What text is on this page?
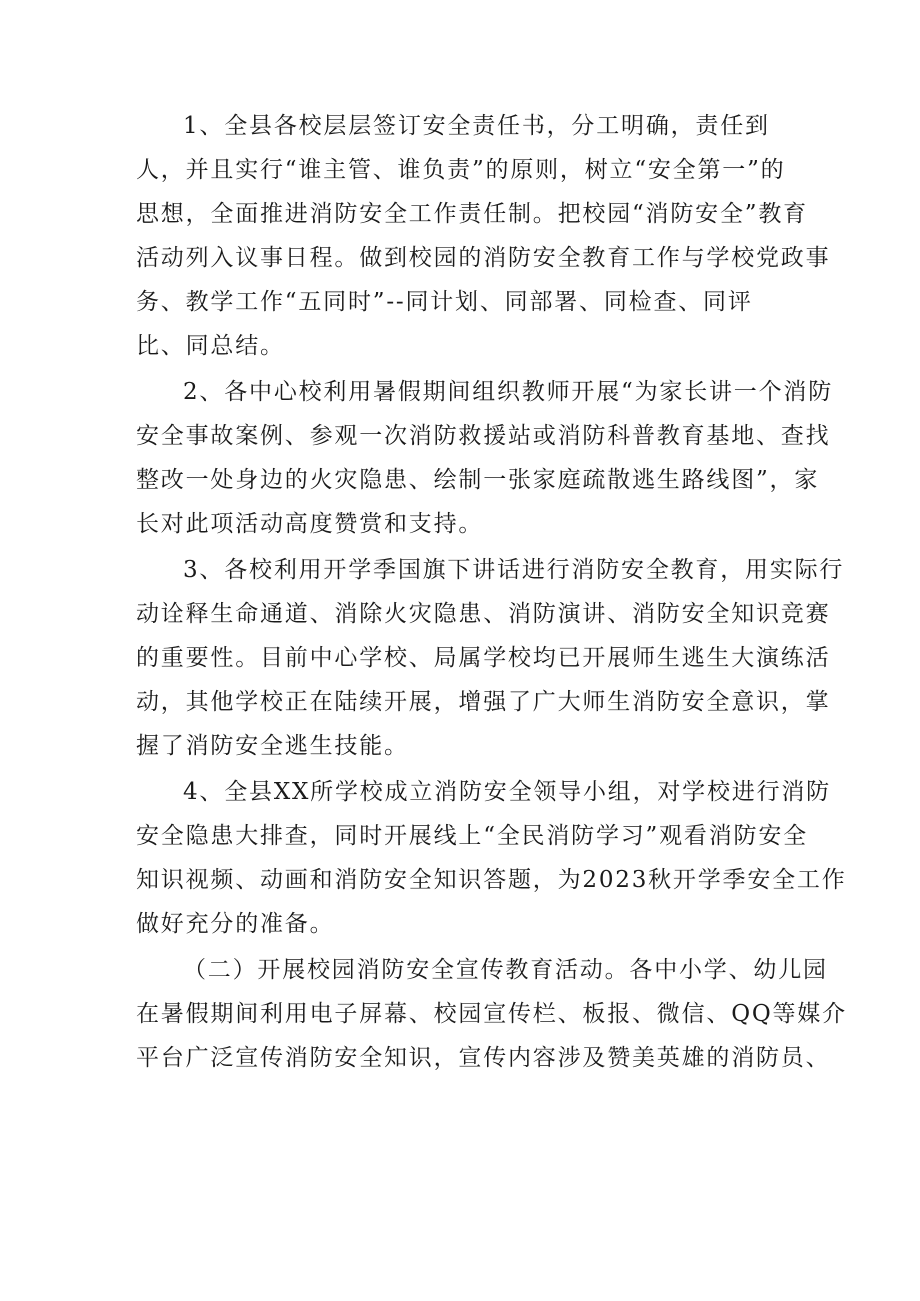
1、全县各校层层签订安全责任书，分工明确，责任到
人，并且实行“谁主管、谁负责”的原则，树立“安全第一”的
思想，全面推进消防安全工作责任制。把校园“消防安全”教育
活动列入议事日程。做到校园的消防安全教育工作与学校党政事
务、教学工作“五同时”--同计划、同部署、同检查、同评
比、同总结。
2、各中心校利用暑假期间组织教师开展“为家长讲一个消防
安全事故案例、参观一次消防救援站或消防科普教育基地、查找
整改一处身边的火灾隐患、绘制一张家庭疏散逃生路线图”，家
长对此项活动高度赞赏和支持。
3、各校利用开学季国旗下讲话进行消防安全教育，用实际行
动诠释生命通道、消除火灾隐患、消防演讲、消防安全知识竞赛
的重要性。目前中心学校、局属学校均已开展师生逃生大演练活
动，其他学校正在陆续开展，增强了广大师生消防安全意识，掌
握了消防安全逃生技能。
4、全县XX所学校成立消防安全领导小组，对学校进行消防
安全隐患大排查，同时开展线上“全民消防学习”观看消防安全
知识视频、动画和消防安全知识答题，为2023秋开学季安全工作
做好充分的准备。
（二）开展校园消防安全宣传教育活动。各中小学、幼儿园
在暑假期间利用电子屏幕、校园宣传栏、板报、微信、QQ等媒介
平台广泛宣传消防安全知识，宣传内容涉及赞美英雄的消防员、
